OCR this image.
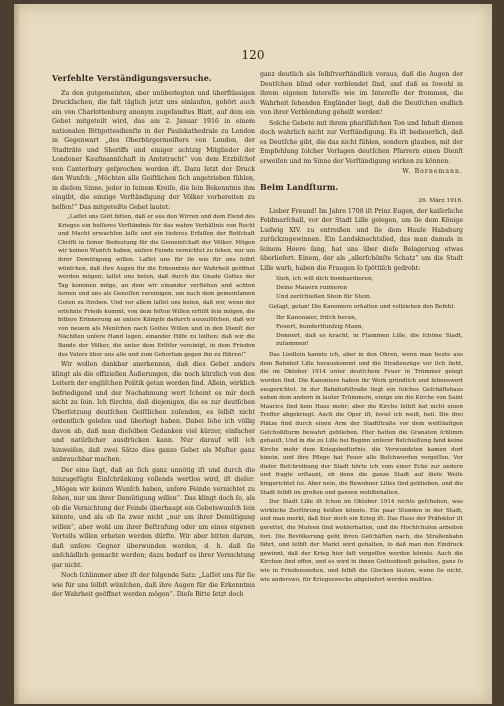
120
Verfehlte Verständigungsversuche.

Zu den gutgemeinten, aber unüberlegten und überflüssigen Druckſachen, die faſt täglich jetzt uns einlaufen, gehört auch ein von Charlottenburg anonym zugeſandtes Blatt, auf dem ein Gebet mitgeteilt wird, das am 2. Januar 1916 in einem nationalen Bittgottesdienſte in der Paulskathedrale zu London in Gegenwart „des Oberbürgermeiſters von London, der Stadträte und Sheriffs und einiger achtzig Mitglieder der Londoner Kaufmannſchaft in Amtstracht“ von dem Erzbiſchof von Canterbury geſprochen worden iſt. Dazu ſetzt der Druck den Wunſch: „Möchten alle Geiſtlichen ſich angetrieben fühlen, in dieſem Sinne, jeder in ſeinem Kreiſe, die ſein Bekenntnis ihm eingibt, die einzige Verſtändigung der Völker vorbereiten zu helfen!“ Das mitgeteilte Gebet lautet:

„Laſſet uns Gott bitten, daß er aus den Wirren und dem Elend des Krieges ein beſſeres Verſtändnis für das wahre Verhältnis von Recht und Macht erwachſen laſſe und ein tieferes Erfaſſen der Botſchaft Chriſti in ſeiner Bedeutung für die Gemeinſchaft der Völker. Mögen wir keinen Wunſch haben, unſere Feinde vernichtet zu ſehen, nur um ihrer Demütigung willen. Laſſet uns für ſie wie für uns ſelbſt wünſchen, daß ihre Augen für die Erkenntnis der Wahrheit geöffnet werden mögen; laſſet uns beten, daß durch die Gnade Gottes der Tag kommen möge, an dem wir einander verſtehen und achten lernen und uns als Genoſſen vereinigen, um nach dem gemeinſamen Guten zu ſtreben. Und vor allem laſſet uns beten, daß wir, wenn der erſehnte Friede kommt, von dem feſten Willen erfüllt ſein mögen, die bittere Erinnerung an unſere Kämpfe dadurch auszulöſchen, daß wir von neuem als Menſchen nach Gottes Willen und in den Dienſt der Nächſten unſere Hand legen, einander Hilfe zu leiſten; daß wir die Bande der Völker, die unter dem Erlöſer vereinigt, in dem Frieden des Vaters über uns alle und zum Gehorſam gegen ihn zu führen!“

Wir wollen dankbar anerkennen, daß dies Gebet anders klingt als die offiziellen Äußerungen, die noch kürzlich von den Leitern der engliſchen Politik getan worden ſind. Allein, wirklich befriedigend und der Nachahmung wert ſcheint es mir doch nicht zu ſein. Ich fürchte, daß diejenigen, die es zur deutſchen Überſetzung deutſchen Geiſtlichen zuſenden, es ſelbſt nicht ordentlich geleſen und überlegt haben. Dabei ſehe ich völlig davon ab, daß man dieſelben Gedanken viel kürzer, einfacher und natürlicher ausdrücken kann. Nur darauf will ich hinweiſen, daß zwei Sätze dies ganze Gebet als Muſter ganz unbrauchbar machen.

Der eine ſagt, daß an ſich ganz unnötig iſt und durch die hinzugefügte Einſchränkung vollends wertlos wird, iſt dieſer: „Mögen wir keinen Wunſch haben, unſere Feinde vernichtet zu ſehen, nur um ihrer Demütigung willen“. Das klingt doch ſo, als ob die Vernichtung der Feinde überhaupt ein Gebetswunſch ſein könnte, und als ob ſie zwar nicht „nur um ihrer Demütigung willen“, aber wohl um ihrer Beſtrafung oder um eines eigenen Vorteils willen erbeten werden dürfte. Wir aber bitten darum, daß unſere Gegner überwunden werden, d. h. daß ſie unſchädlich gemacht werden; dazu bedarf es ihrer Vernichtung gar nicht.

Noch ſchlimmer aber iſt der folgende Satz: „Laſſet uns für ſie wie für uns ſelbſt wünſchen, daß ihre Augen für die Erkenntnis der Wahrheit geöffnet werden mögen“. Dieſe Bitte ſetzt doch

ganz deutlich als ſelbſtverſtändlich voraus, daß die Augen der Deutſchen blind oder verblendet ſind, und daß es ſowohl in ihrem eigenen Intereſſe wie im Intereſſe der frommen, die Wahrheit ſehenden Engländer liegt, daß die Deutſchen endlich von ihrer Verblendung geheilt werden!

Solche Gebete mit ihrem phariſäiſchen Ton und Inhalt dienen doch wahrlich nicht zur Verſtändigung. Es iſt bedauerlich, daß es Deutſche gibt, die das nicht fühlen, sondern glauben, mit der Empfehlung ſolcher Vorlagen deutſchen Pfarrern einen Dienſt erweiſen und im Sinne der Verſtändigung wirken zu können.

W. Bornemann.
Beim Landſturm.
26. März 1916.

Lieber Freund! Im Jahre 1708 iſt Prinz Eugen, der kaiſerliche Feldmarſchall, vor der Stadt Lille gelegen, um ſie dem Könige Ludwig XIV. zu entreißen und ſie dem Hauſe Habsburg zurückzugewinnen. Ein Landsknechtslied, das man damals in ſeinem Heere ſang, hat uns über dieſe Belagerung etwas überliefert. Einem, der als „allerſchönſte Schatz“ um die Stadt Lille warb, haben die Fraugen ſo ſpöttiſch gedroht:

Sieh, ich will dich bombardieren,
Deine Mauern ruinieren
Und zerſchießen Stein für Stein.

Geſagt, getan! Die Kanoniere erhalten und vollziehen den Befehl:

Ihr Kanonaier, friſch heran,
Feuert, hundertfunfzig Mann,
Donnert, daß es kracht, in Flammen Lille, die ſchöne Stadt, zuſammen!

Das Liedlein kannte ich, aber in den Ohren, wenn man heute aus dem Bahnhof Lille herauskommt und die Straßenzüge vor ſich ſieht, die im Oktober 1914 unter deutſchem Feuer in Trümmer gelegt worden ſind. Die Kanoniere haben ihr Werk gründlich und ſehenswert ausgerichtet. In der Bahnhofsſtraße liegt ein ſolches Geſchäftshaus neben dem andern in lauter Trümmern, einige um die Kirche von Saint Maurice ſind kein Haus mehr; aber die Kirche ſelbſt hat nicht einen Treffer abgekriegt. Auch die Oper iſt, ſoviel ich weiß, heil. Die drei Plätze find durch einen Arm der Stadtſtraße vor dem weitläufigen Geſchoßſturm bewahrt geblieben. Hier hatten die Granaten ſchlimm gehauſt. Und in die zu Lille bei Beginn unſerer Beſchießung fand keine Kirche mehr dem Kriegsbedürfnis, die Verwundeten kamen dort hinein, und ihre Pflege hat Feuer alle Beſchwerden vergeſſen. Vor dieſer Beſchreibung der Stadt hörte ich vom einer Ecke zur andern und fragte erſtaunt, ob denn die ganze Stadt auf dieſe Weiſe hingerichtet ſei. Aber nein, die Bewohner Lilles ſind geblieben, und die Stadt ſelbſt im großen und ganzen wohlbehalten.

Der Stadt Lille iſt ſchon im Oktober 1914 nichts geſchehen, was wirkliche Zerſtörung heißen könnte. Ein paar Stunden in der Stadt, und man merkt, daß hier doch ein Krieg iſt. Das Haus der Präfektur iſt gerettet, die Muſeen ſind wohlerhalten, und die Hochſchulen arbeiten fort. Die Bevölkerung geht ihren Geſchäften nach, die Straßenbahn fährt, und ſelbſt der Markt wird gehalten, ſo daß man den Eindruck gewinnt, daß der Krieg hier faſt vergeſſen werden könnte. Auch die Kirchen ſind offen, und es wird in ihnen Gottesdienſt gehalten, ganz ſo wie in Friedenszeiten, und ſelbſt die Glocken läuten, wenn ſie nicht, wie anderswo, für Kriegszwecke abgeliefert werden mußten.
